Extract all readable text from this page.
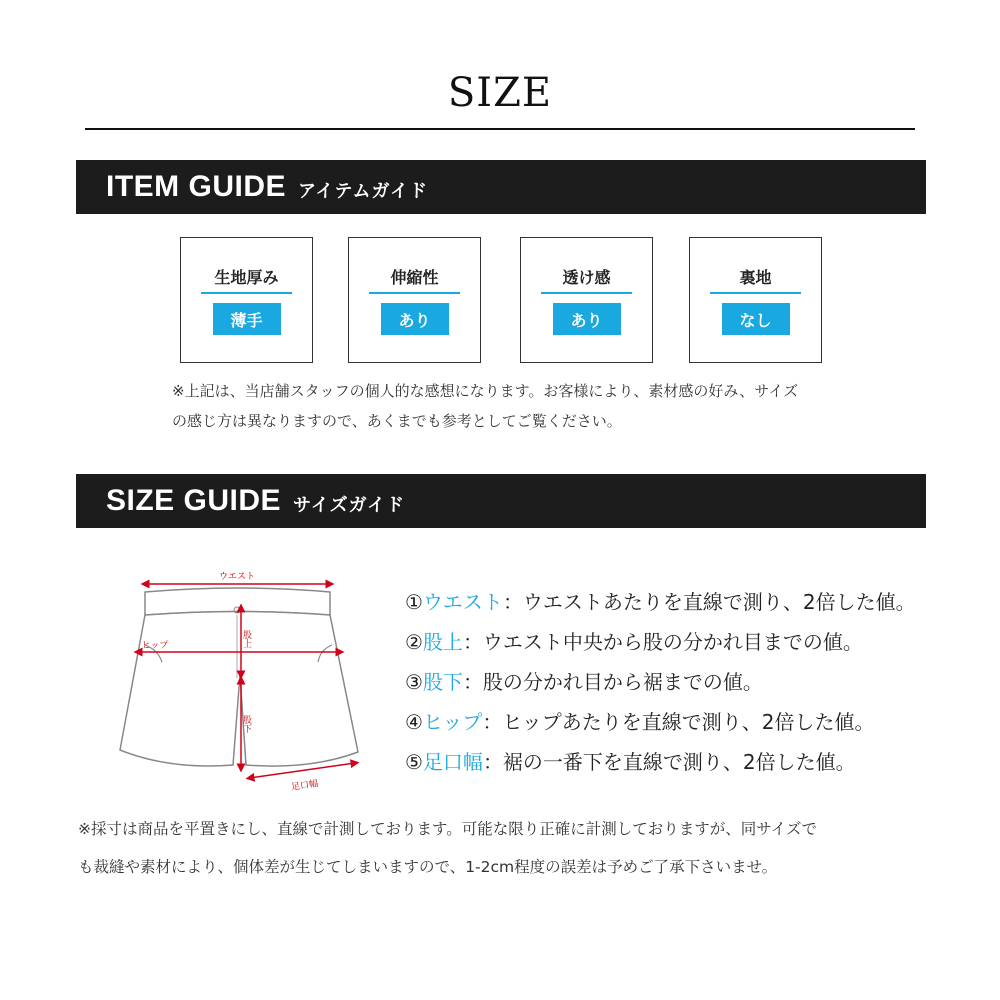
SIZE
ITEM GUIDE アイテムガイド
生地厚み
薄手
伸縮性
あり
透け感
あり
裏地
なし
※上記は、当店舗スタッフの個人的な感想になります。お客様により、素材感の好み、サイズ
の感じ方は異なりますので、あくまでも参考としてご覧ください。
SIZE GUIDE サイズガイド
ウエスト
ヒップ	股上
股下
足口幅
①ウエスト：ウエストあたりを直線で測り、2倍した値。
②股上：ウエスト中央から股の分かれ目までの値。
③股下：股の分かれ目から裾までの値。
④ヒップ：ヒップあたりを直線で測り、2倍した値。
⑤足口幅：裾の一番下を直線で測り、2倍した値。
※採寸は商品を平置きにし、直線で計測しております。可能な限り正確に計測しておりますが、同サイズで
も裁縫や素材により、個体差が生じてしまいますので、1-2cm程度の誤差は予めご了承下さいませ。
